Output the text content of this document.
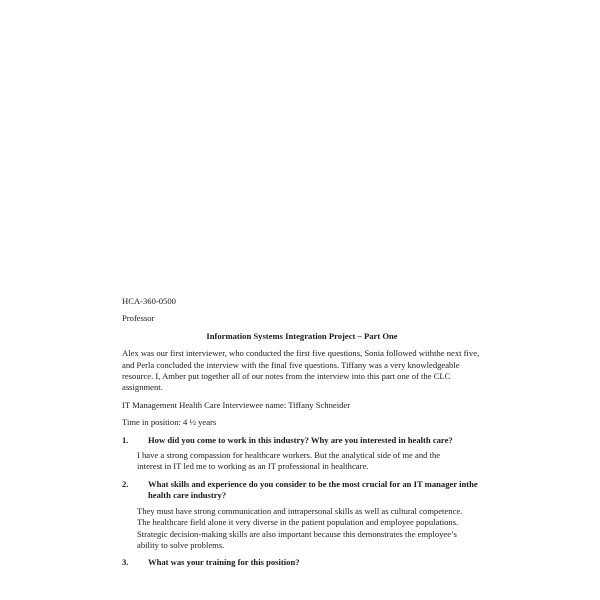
HCA-360-0500

Professor

Information Systems Integration Project – Part One

Alex was our first interviewer, who conducted the first five questions, Sonia followed withthe next five, and Perla concluded the interview with the final five questions. Tiffany was a very knowledgeable resource. I, Amber put together all of our notes from the interview into this part one of the CLC assignment.

IT Management Health Care Interviewee name: Tiffany Schneider

Time in position: 4 ½ years

1.	How did you come to work in this industry? Why are you interested in health care?

I have a strong compassion for healthcare workers. But the analytical side of me and the interest in IT led me to working as an IT professional in healthcare.

2.	What skills and experience do you consider to be the most crucial for an IT manager inthe health care industry?

They must have strong communication and intrapersonal skills as well as cultural competence. The healthcare field alone it very diverse in the patient population and employee populations. Strategic decision-making skills are also important because this demonstrates the employee’s ability to solve problems.

3.	What was your training for this position?
